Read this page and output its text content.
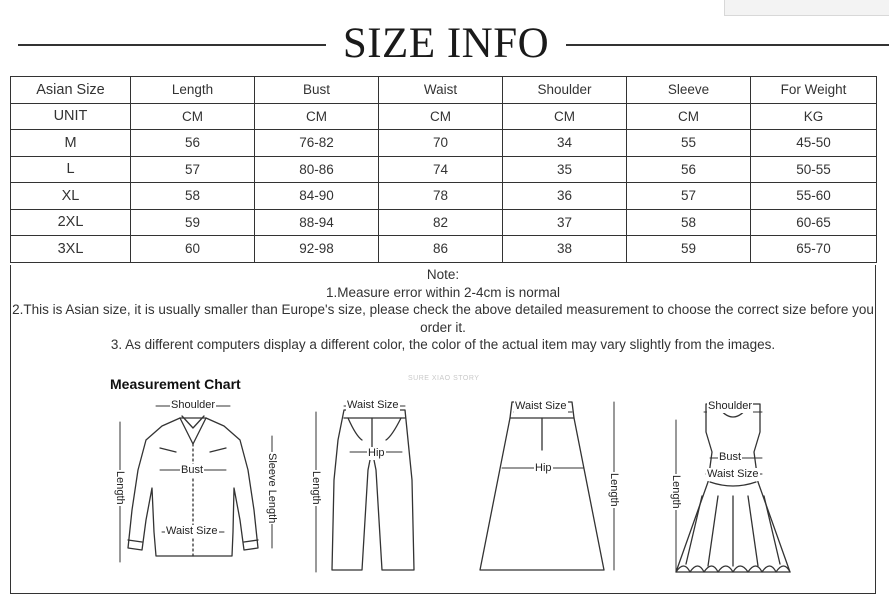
SIZE INFO
Asian Size	Length	Bust	Waist	Shoulder	Sleeve	For Weight
UNIT	CM	CM	CM	CM	CM	KG
M	56	76-82	70	34	55	45-50
L	57	80-86	74	35	56	50-55
XL	58	84-90	78	36	57	55-60
2XL	59	88-94	82	37	58	60-65
3XL	60	92-98	86	38	59	65-70
Note:
1.Measure error within 2-4cm is normal
2.This is Asian size, it is usually smaller than Europe's size, please check the above detailed measurement to choose the correct size before you order it.
3. As different computers display a different color, the color of the actual item may vary slightly from the images.
Measurement Chart	SURE XIAO STORY
Shoulder
Bust
Waist Size
Length	Sleeve Length
Waist Size
Hip
Length
Waist Size
Hip
Length
Shoulder
Bust
Waist Size
Length
